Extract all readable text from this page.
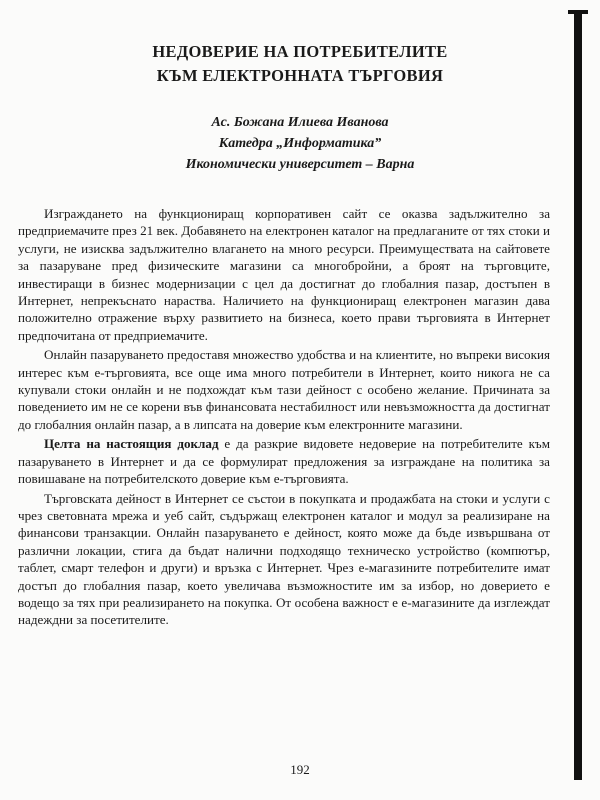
НЕДОВЕРИЕ НА ПОТРЕБИТЕЛИТЕ
КЪМ ЕЛЕКТРОННАТА ТЪРГОВИЯ
Ас. Божана Илиева Иванова
Катедра „Информатика”
Икономически университет – Варна

Изграждането на функциониращ корпоративен сайт се оказва задължително за предприемачите през 21 век. Добавянето на електронен каталог на предлаганите от тях стоки и услуги, не изисква задължително влагането на много ресурси. Преимуществата на сайтовете за пазаруване пред физическите магазини са многобройни, а броят на търговците, инвестиращи в бизнес модернизации с цел да достигнат до глобалния пазар, достъпен в Интернет, непрекъснато нараства. Наличието на функциониращ електронен магазин дава положително отражение върху развитието на бизнеса, което прави търговията в Интернет предпочитана от предприемачите.

Онлайн пазаруването предоставя множество удобства и на клиентите, но въпреки високия интерес към е-търговията, все още има много потребители в Интернет, които никога не са купували стоки онлайн и не подхождат към тази дейност с особено желание. Причината за поведението им не се корени във финансовата нестабилност или невъзможността да достигнат до глобалния онлайн пазар, а в липсата на доверие към електронните магазини.

Целта на настоящия доклад е да разкрие видовете недоверие на потребителите към пазаруването в Интернет и да се формулират предложения за изграждане на политика за повишаване на потребителското доверие към е-търговията.

Търговската дейност в Интернет се състои в покупката и продажбата на стоки и услуги с чрез световната мрежа и уеб сайт, съдържащ електронен каталог и модул за реализиране на финансови транзакции. Онлайн пазаруването е дейност, която може да бъде извършвана от различни локации, стига да бъдат налични подходящо техническо устройство (компютър, таблет, смарт телефон и други) и връзка с Интернет. Чрез е-магазините потребителите имат достъп до глобалния пазар, което увеличава възможностите им за избор, но доверието е водещо за тях при реализирането на покупка. От особена важност е е-магазините да изглеждат надеждни за посетителите.

192
